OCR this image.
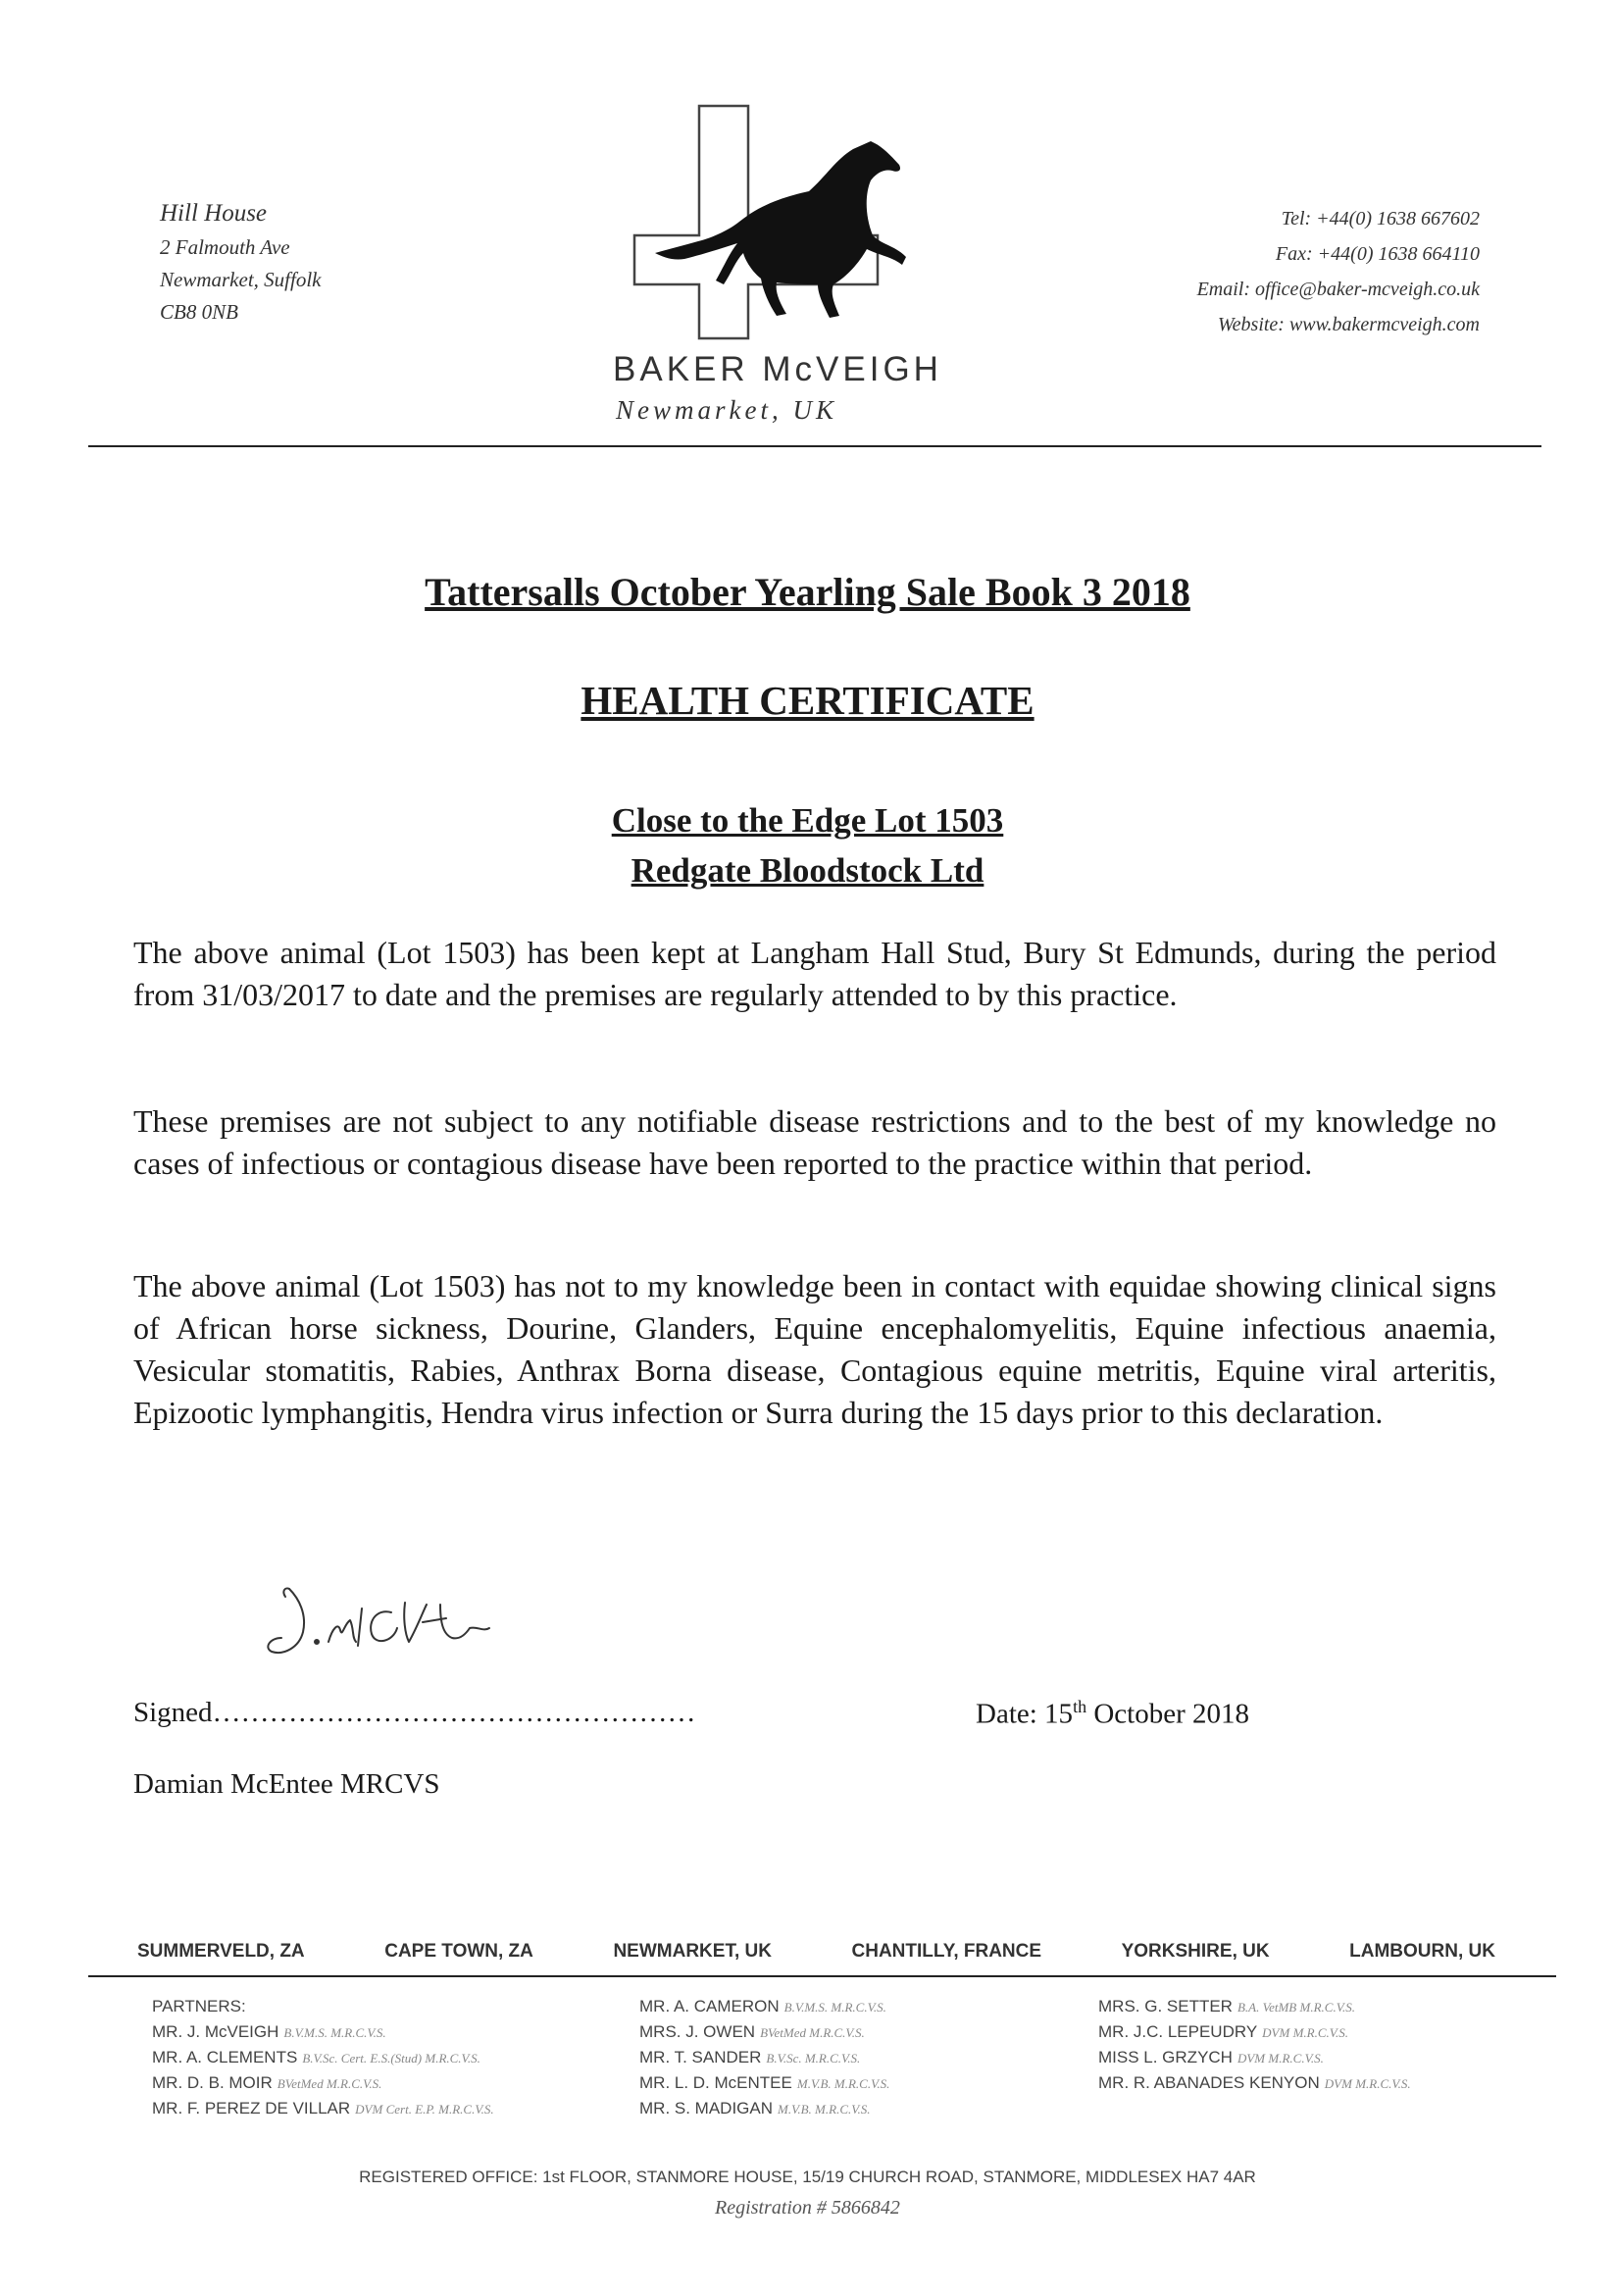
Hill House
2 Falmouth Ave
Newmarket, Suffolk
CB8 0NB
BAKER McVEIGH
Newmarket, UK
Tel: +44(0) 1638 667602
Fax: +44(0) 1638 664110
Email: office@baker-mcveigh.co.uk
Website: www.bakermcveigh.com
Tattersalls October Yearling Sale Book 3 2018
HEALTH CERTIFICATE
Close to the Edge Lot 1503
Redgate Bloodstock Ltd
The above animal (Lot 1503) has been kept at Langham Hall Stud, Bury St Edmunds, during the period from 31/03/2017 to date and the premises are regularly attended to by this practice.
These premises are not subject to any notifiable disease restrictions and to the best of my knowledge no cases of infectious or contagious disease have been reported to the practice within that period.
The above animal (Lot 1503) has not to my knowledge been in contact with equidae showing clinical signs of African horse sickness, Dourine, Glanders, Equine encephalomyelitis, Equine infectious anaemia, Vesicular stomatitis, Rabies, Anthrax Borna disease, Contagious equine metritis, Equine viral arteritis, Epizootic lymphangitis, Hendra virus infection or Surra during the 15 days prior to this declaration.
Signed……………………………………………	Date: 15th October 2018
Damian McEntee MRCVS
SUMMERVELD, ZA	CAPE TOWN, ZA	NEWMARKET, UK	CHANTILLY, FRANCE	YORKSHIRE, UK	LAMBOURN, UK
PARTNERS:
MR. J. McVEIGH B.V.M.S. M.R.C.V.S.
MR. A. CLEMENTS B.V.Sc. Cert. E.S.(Stud) M.R.C.V.S.
MR. D. B. MOIR BVetMed M.R.C.V.S.
MR. F. PEREZ DE VILLAR DVM Cert. E.P. M.R.C.V.S.
MR. A. CAMERON B.V.M.S. M.R.C.V.S.
MRS. J. OWEN BVetMed M.R.C.V.S.
MR. T. SANDER B.V.Sc. M.R.C.V.S.
MR. L. D. McENTEE M.V.B. M.R.C.V.S.
MR. S. MADIGAN M.V.B. M.R.C.V.S.
MRS. G. SETTER B.A. VetMB M.R.C.V.S.
MR. J.C. LEPEUDRY DVM M.R.C.V.S.
MISS L. GRZYCH DVM M.R.C.V.S.
MR. R. ABANADES KENYON DVM M.R.C.V.S.
REGISTERED OFFICE: 1st FLOOR, STANMORE HOUSE, 15/19 CHURCH ROAD, STANMORE, MIDDLESEX HA7 4AR
Registration # 5866842
